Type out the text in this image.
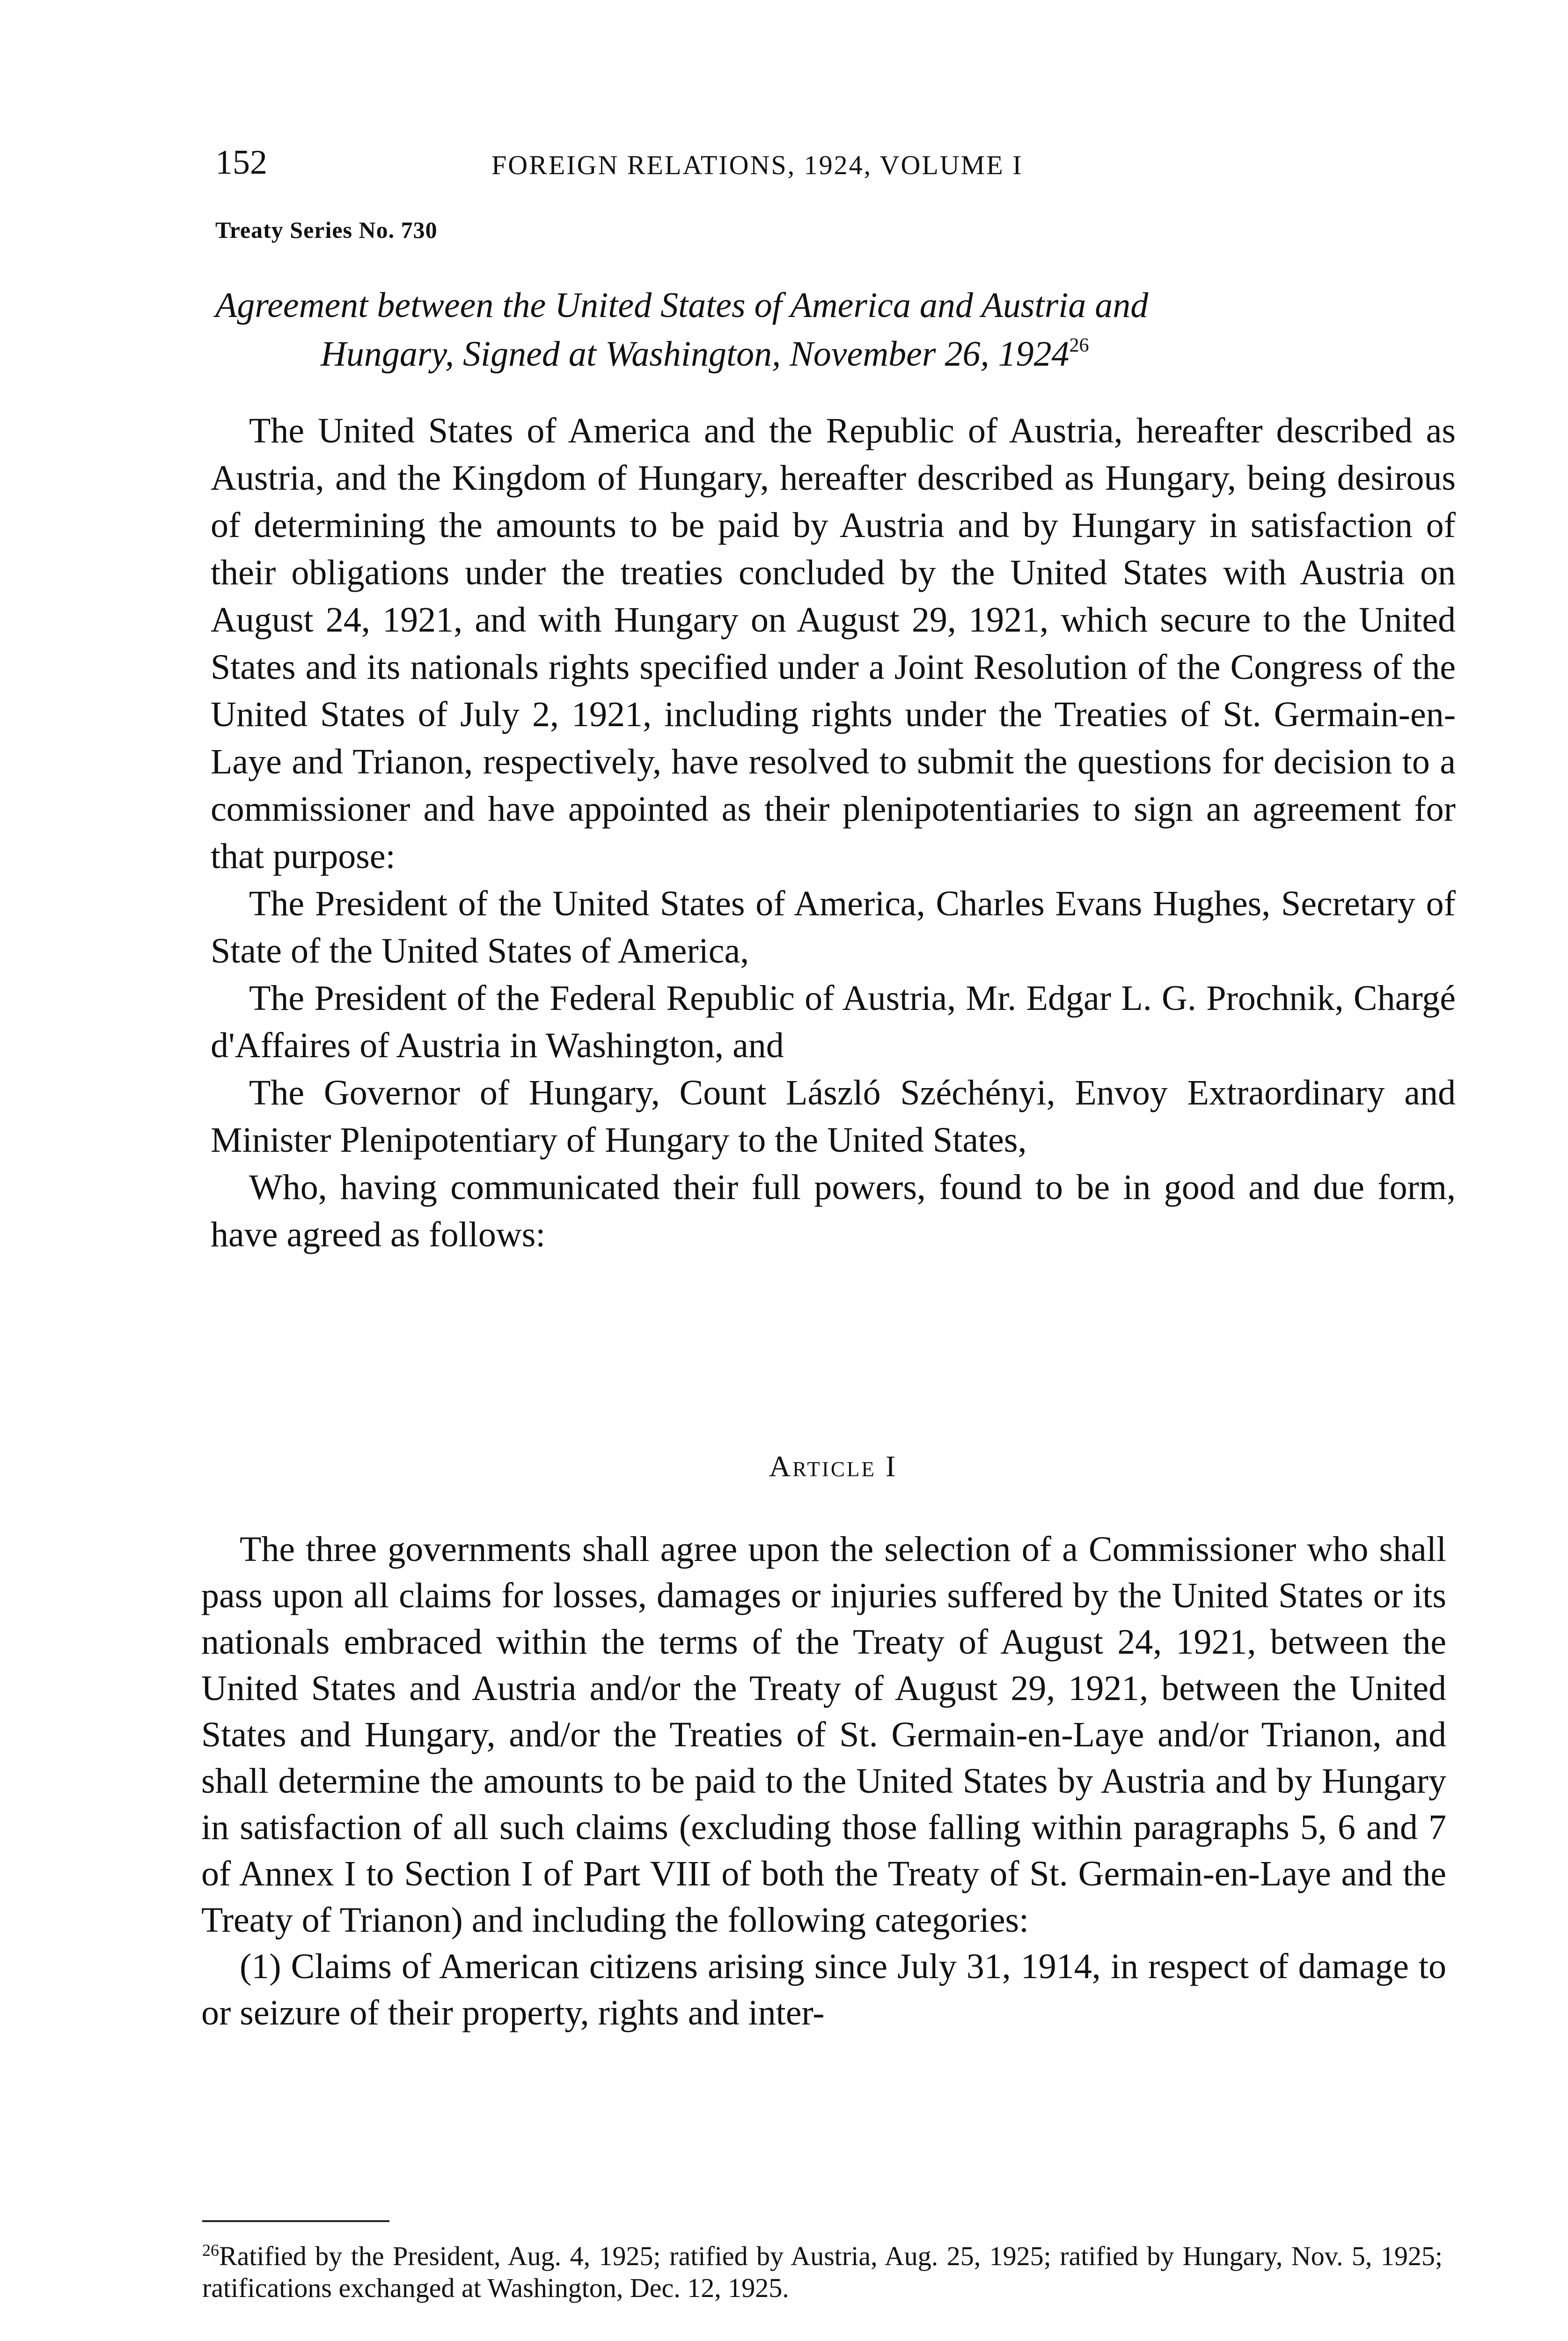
152	FOREIGN RELATIONS, 1924, VOLUME I
Treaty Series No. 730
Agreement between the United States of America and Austria and
Hungary, Signed at Washington, November 26, 1924$^{26}$

The United States of America and the Republic of Austria, hereafter described as Austria, and the Kingdom of Hungary, hereafter described as Hungary, being desirous of determining the amounts to be paid by Austria and by Hungary in satisfaction of their obligations under the treaties concluded by the United States with Austria on August 24, 1921, and with Hungary on August 29, 1921, which secure to the United States and its nationals rights specified under a Joint Resolution of the Congress of the United States of July 2, 1921, including rights under the Treaties of St. Germain-en-Laye and Trianon, respectively, have resolved to submit the questions for decision to a commissioner and have appointed as their plenipotentiaries to sign an agreement for that purpose:

The President of the United States of America, Charles Evans Hughes, Secretary of State of the United States of America,

The President of the Federal Republic of Austria, Mr. Edgar L. G. Prochnik, Chargé d'Affaires of Austria in Washington, and

The Governor of Hungary, Count László Széchényi, Envoy Extraordinary and Minister Plenipotentiary of Hungary to the United States,

Who, having communicated their full powers, found to be in good and due form, have agreed as follows:

Article I

The three governments shall agree upon the selection of a Commissioner who shall pass upon all claims for losses, damages or injuries suffered by the United States or its nationals embraced within the terms of the Treaty of August 24, 1921, between the United States and Austria and/or the Treaty of August 29, 1921, between the United States and Hungary, and/or the Treaties of St. Germain-en-Laye and/or Trianon, and shall determine the amounts to be paid to the United States by Austria and by Hungary in satisfaction of all such claims (excluding those falling within paragraphs 5, 6 and 7 of Annex I to Section I of Part VIII of both the Treaty of St. Germain-en-Laye and the Treaty of Trianon) and including the following categories:

(1) Claims of American citizens arising since July 31, 1914, in respect of damage to or seizure of their property, rights and inter-

$^{26}$Ratified by the President, Aug. 4, 1925; ratified by Austria, Aug. 25, 1925; ratified by Hungary, Nov. 5, 1925; ratifications exchanged at Washington, Dec. 12, 1925.
